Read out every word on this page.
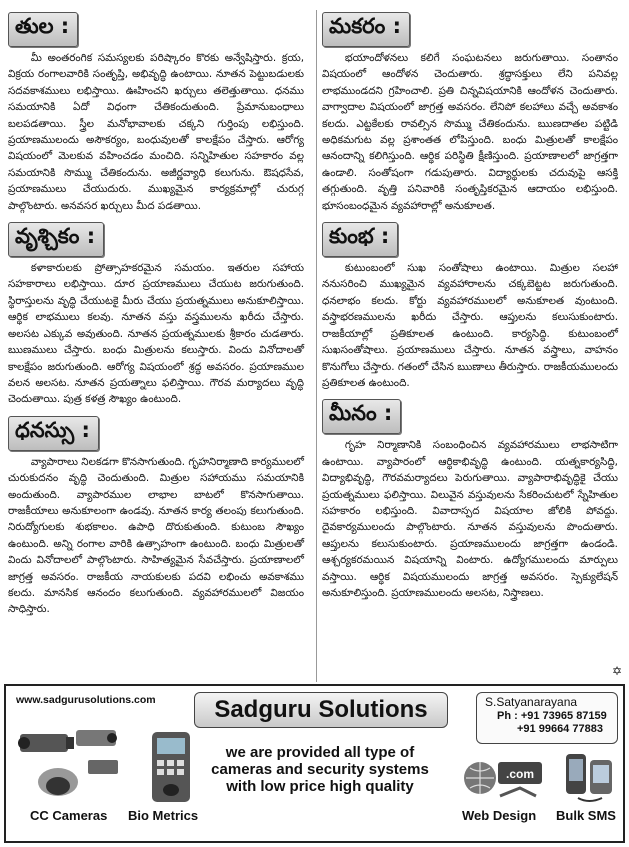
తుల :

మీ అంతరంగిక సమస్యలకు పరిష్కారం కొరకు అన్వేషిస్తారు. క్రయ, విక్రయ రంగాలవారికి సంతృప్తి, అభివృద్ధి ఉంటాయి. నూతన పెట్టుబడులకు సదవకాశములు లభిస్తాయి. ఊహించని ఖర్చులు తలెత్తుతాయి. ధనము సమయానికి ఏదో విధంగా చేతికందుతుంది. ప్రేమానుబంధాలు బలపడతాయి. స్త్రీల మనోభావాలకు చక్కని గుర్తింపు లభిస్తుంది. ప్రయాణములందు అసౌకర్యం, బంధువులతో కాలక్షేపం చేస్తారు. ఆరోగ్య విషయంలో మెలకువ వహించడం మంచిది. సన్నిహితుల సహకారం వల్ల సమయానికి సొమ్ము చేతికందును. అజీర్ణవ్యాధి కలుగును. ఔషధసేవ, ప్రయాణములు చేయుదురు. ముఖ్యమైన కార్యక్రమాల్లో చురుగ్గ పాల్గొంటారు. అనవసర ఖర్చులు మీద పడతాయి.

వృశ్చికం :

కళాకారులకు ప్రోత్సాహకరమైన సమయం. ఇతరుల సహాయ సహకారాలు లభిస్తాయి. దూర ప్రయాణములు చేయుట జరుగుతుంది. స్థిరాస్తులను వృద్ధి చేయుటకై మీరు చేయు ప్రయత్నములు అనుకూలిస్తాయి. ఆర్థిక లాభములు కలవు. నూతన వస్తు వస్త్రములను ఖరీదు చేస్తారు. అలసట ఎక్కువ అవుతుంది. నూతన ప్రయత్నములకు శ్రీకారం చుడతారు. ఋణములు చేస్తారు. బంధు మిత్రులను కలుస్తారు. విందు వినోదాలతో కాలక్షేపం జరుగుతుంది. ఆరోగ్య విషయంలో శ్రద్ధ అవసరం. ప్రయాణముల వలన అలసట. నూతన ప్రయత్నాలు ఫలిస్తాయి. గౌరవ మర్యాదలు వృద్ధి చెందుతాయి. పుత్ర కళత్ర సౌఖ్యం ఉంటుంది.

ధనస్సు :

వ్యాపారాలు నిలకడగా కొనసాగుతుంది. గృహనిర్మాణాది కార్యములలో చురుకుదనం వృద్ధి చెందుతుంది. మిత్రుల సహాయము సమయానికి అందుతుంది. వ్యాపారముల లాభాల బాటలో కొనసాగుతాయి. రాజకీయాలు అనుకూలంగా ఉండవు. నూతన కార్య తలంపు కలుగుతుంది. నిరుద్యోగులకు శుభకాలం. ఉపాధి దొరుకుతుంది. కుటుంబ సౌఖ్యం ఉంటుంది. అన్ని రంగాల వారికి ఉత్సాహంగా ఉంటుంది. బంధు మిత్రులతో విందు వినోదాలలో పాల్గొంటారు. సాహిత్యమైన సేవచేస్తారు. ప్రయాణాలలో జాగ్రత్త అవసరం. రాజకీయ నాయకులకు పదవి లభించు అవకాశము కలదు. మానసిక ఆనందం కలుగుతుంది. వ్యవహారములలో విజయం సాధిస్తారు.

మకరం :

భయాందోళనలు కలిగే సంఘటనలు జరుగుతాయి. సంతానం విషయంలో ఆందోళన చెందుతారు. శ్రద్ధాసక్తులు లేని పనివల్ల లాభముండదని గ్రహించాలి. ప్రతి చిన్నవిషయానికి ఆందోళన చెందుతారు. వాగ్వాదాల విషయంలో జాగ్రత్త అవసరం. లేనిపో కలహాలు వచ్చే అవకాశం కలదు. ఎట్టకేలకు రావల్సిన సొమ్ము చేతికందును. ఋణదాతల పట్టిడి అధికమగుట వల్ల ప్రశాంతత లోపిస్తుంది. బంధు మిత్రులతో కాలక్షేపం ఆనందాన్ని కలిగిస్తుంది. ఆర్థిక పరిస్థితి క్షీణిస్తుంది. ప్రయాణాలలో జాగ్రత్తగా ఉండాలి. సంతోషంగా గడుపుతారు. విద్యార్థులకు చదువుపై ఆసక్తి తగ్గుతుంది. వృత్తి పనివారికి సంతృప్తికరమైన ఆదాయం లభిస్తుంది. భూసంబంధమైన వ్యవహారాల్లో అనుకూలత.

కుంభ :

కుటుంబంలో సుఖ సంతోషాలు ఉంటాయి. మిత్రుల సలహా ననుసరించి ముఖ్యమైన వ్యవహారాలను చక్కబెట్టట జరుగుతుంది. ధనలాభం కలదు. కోర్టు వ్యవహారములలో అనుకూలత వుంటుంది. వస్త్రాభరణములను ఖరీదు చేస్తారు. ఆప్తులను కలుసుకుంటారు. రాజకీయాల్లో ప్రతికూలత ఉంటుంది. కార్యసిద్ధి. కుటుంబంలో సుఖసంతోషాలు. ప్రయాణములు చేస్తారు. నూతన వస్త్రాలు, వాహనం కొనుగోలు చేస్తారు. గతంలో చేసిన ఋణాలు తీరుస్తారు. రాజకీయములందు ప్రతికూలత ఉంటుంది.

మీనం :

గృహ నిర్మాణానికి సంబంధించిన వ్యవహారములు లాభసాటిగా ఉంటాయి. వ్యాపారంలో ఆర్థికాభివృద్ధి ఉంటుంది. యత్నకార్యసిద్ధి, విద్యాభివృద్ధి, గౌరవమర్యాదలు పెరుగుతాయి. వ్యాపారాభివృద్ధికై చేయు ప్రయత్నములు ఫలిస్తాయి. విలువైన వస్తువులను సేకరించుటలో స్నేహితుల సహకారం లభిస్తుంది. వివాదాస్పద విషయాల జోలికి పోవద్దు. దైవకార్యములందు పాల్గొంటారు. నూతన వస్తువులను పొందుతారు. ఆప్తులను కలుసుకుంటారు. ప్రయాణములందు జాగ్రత్తగా ఉండండి. ఆశ్చర్యకరమయిన విషయాన్ని వింటారు. ఉద్యోగములందు మార్పులు వస్తాయి. ఆర్థిక విషయములందు జాగ్రత్త అవసరం. స్పెక్యులేషన్ అనుకూలిస్తుంది. ప్రయాణములందు అలసట, నిస్త్రాణలు.

✡
www.sadgurusolutions.com	Sadguru Solutions	S.Satyanarayana
Ph : +91 73965 87159
+91 99664 77883
we are provided all type of cameras and security systems with low price high quality
CC Cameras Bio Metrics
.com
Web Design Bulk SMS
